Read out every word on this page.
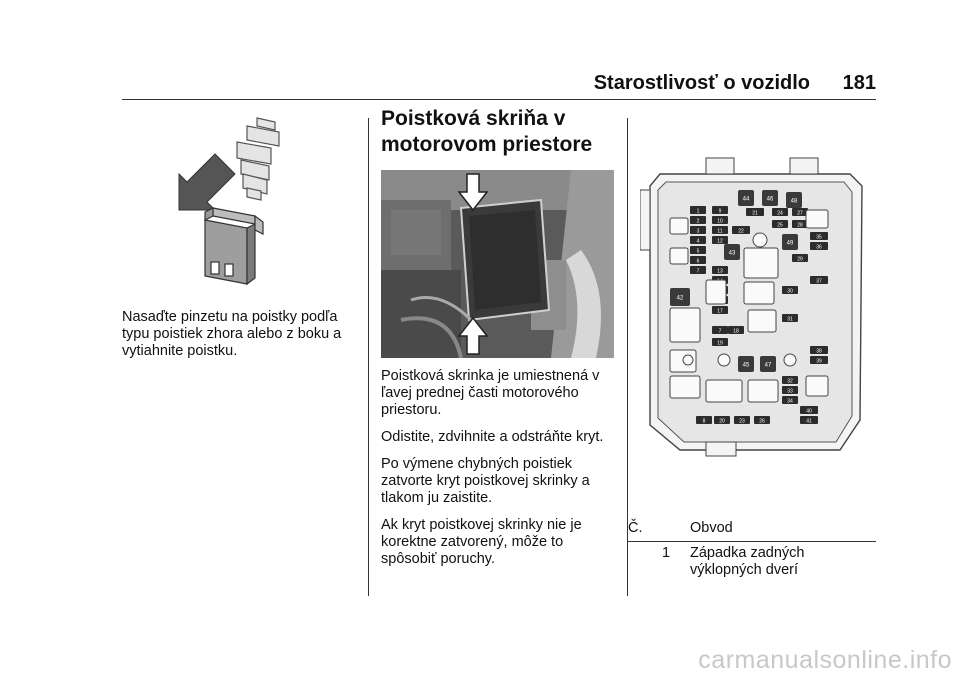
Starostlivosť o vozidlo	181
Nasaďte pinzetu na poistky podľa
typu poistiek zhora alebo z boku a
vytiahnite poistku.
Poistková skriňa v
motorovom priestore
Poistková skrinka je umiestnená v
ľavej prednej časti motorového
priestoru.
Odistite, zdvihnite a odstráňte kryt.
Po výmene chybných poistiek
zatvorte kryt poistkovej skrinky a
tlakom ju zaistite.
Ak kryt poistkovej skrinky nie je
korektne zatvorený, môže to
spôsobiť poruchy.
1	9
2	10
3	11	22
4	12
5
13
6
7
17
7 18
19
20	23	26
8
21	24	27
25	28
29
30
31
32
33
34
35
36
37
38
39
40
41
44	46	48
49
43
42
45	47
Č.	Obvod
1 Západka zadných
výklopných dverí
carmanualsonline.info
